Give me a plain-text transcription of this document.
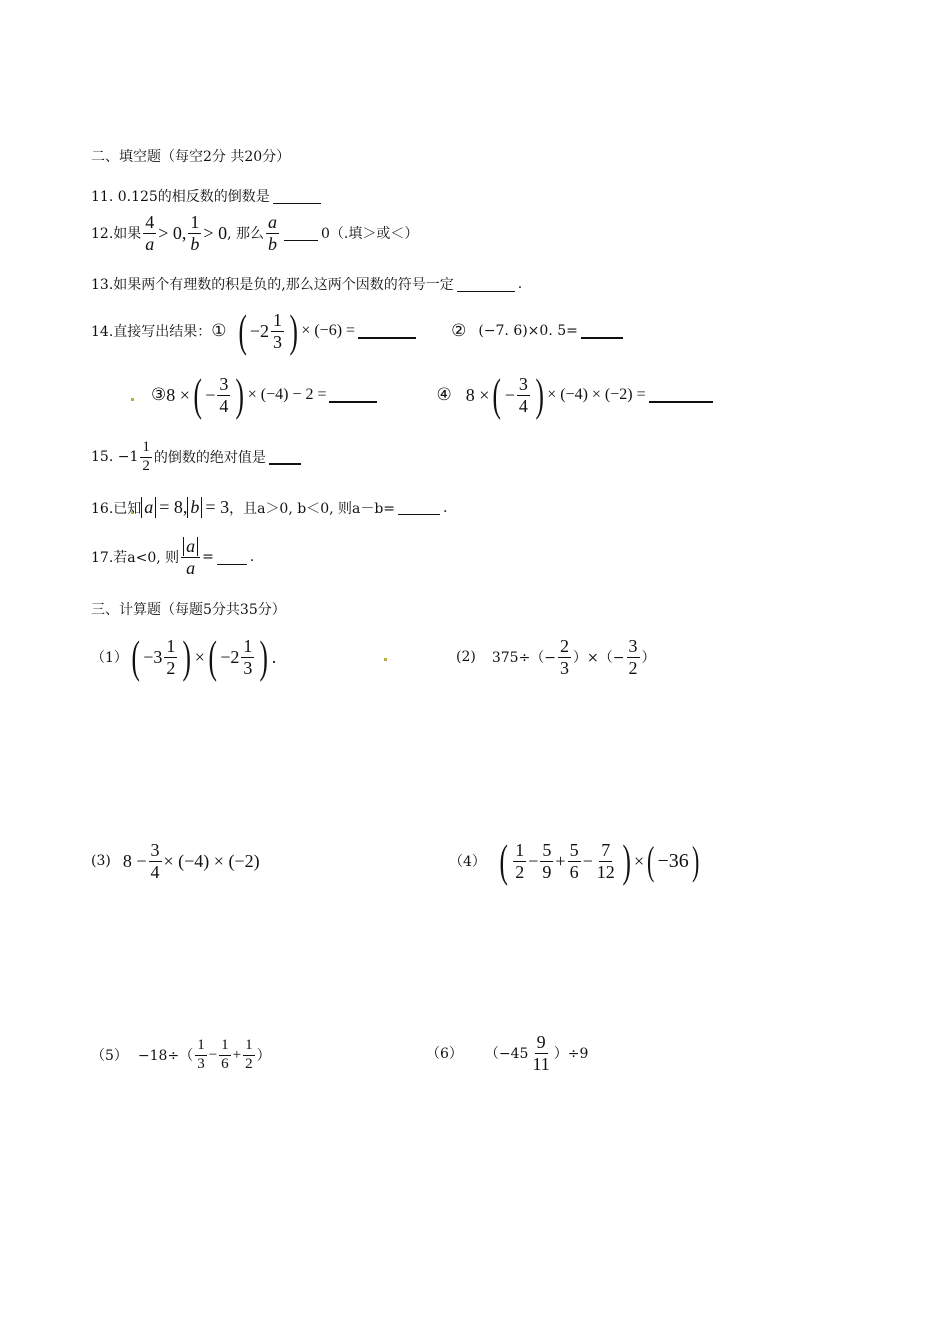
二、填空题（每空2分 共20分）
11. 0.125的相反数的倒数是
12.如果 $\frac{4}{a} > 0$, $\frac{1}{b} > 0$ , 那么 $\frac{a}{b}$	0（.填＞或＜）
13.如果两个有理数的积是负的,那么这两个因数的符号一定	.
14.直接写出结果： ① ( $-2 \frac{1}{3}$ ) × (−6) =	② (−7. 6)×0. 5=
③ 8 × ( − $\frac{3}{4}$ ) × (−4) − 2 =	④ 8 × ( − $\frac{3}{4}$ ) × (−4) × (−2) =
15. $-1 \frac{1}{2}$ 的倒数的绝对值是
16.已知 a = 8, b = 3 ，且a＞0, b＜0, 则a－b=	.
17.若a<0, 则 $\frac{a}{a}$ =	.
三、计算题（每题5分共35分）
（1） ( $-3 \frac{1}{2}$ ) × ( $-2 \frac{1}{3}$ ) .	(2) $375\div(- \frac{2}{3}$ ）×（− $\frac{3}{2}$ ）
(3) $8 - \frac{3}{4} \times (-4) \times (-2)$	（4） ( $\frac{1}{2} - \frac{5}{9} + \frac{5}{6} - \frac{7}{12}$ ) × ( −36 )
$(5) -18\div( \frac{1}{3} - \frac{1}{6} + \frac{1}{2}$ ）	（6） $(-45 \frac{9}{11} )\div 9$
